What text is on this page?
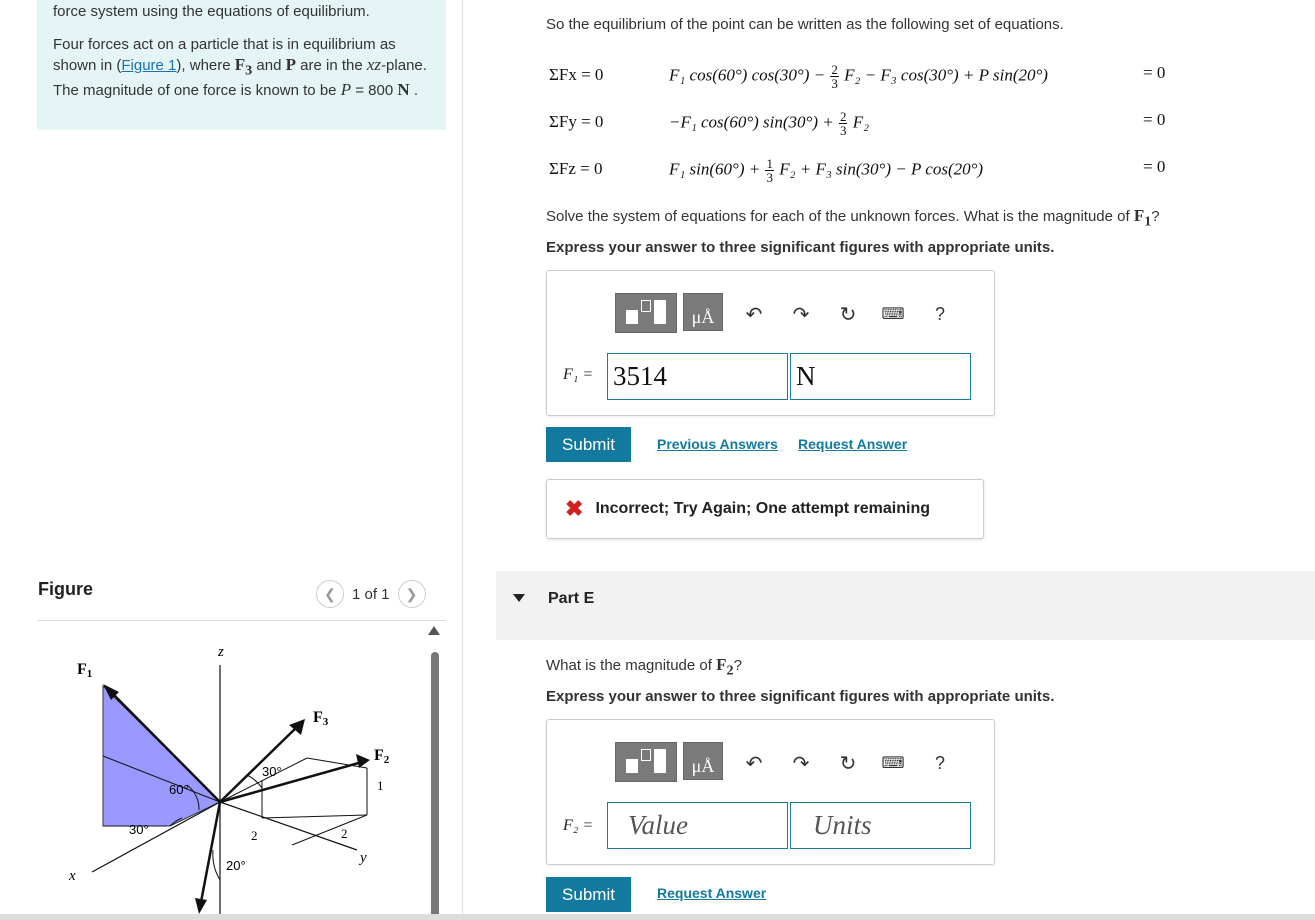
force system using the equations of equilibrium.
Four forces act on a particle that is in equilibrium as shown in (Figure 1), where $F_3$ and P are in the xz-plane. The magnitude of one force is known to be P = 800 N .
Figure	❮	1 of 1	❯
F1
F3
F2
z
x
y
60°
30°
30°
20°
2	2
1
So the equilibrium of the point can be written as the following set of equations.
ΣFx = 0	F₁ cos(60°) $\cos(30^\circ) - \frac{2}{3} F_2 - F_3$ cos(30°) + P sin(20°)	= 0
ΣFy = 0	−F₁ cos(60°) $\sin(30^\circ) + \frac{2}{3} F_2$	= 0
ΣFz = 0	F₁ $\sin(60^\circ) + \frac{1}{3} F_2 + F_3$ sin(30°) − P cos(20°)	= 0
Solve the system of equations for each of the unknown forces. What is the magnitude of $F_1$?
Express your answer to three significant figures with appropriate units.
μÅ	↶ ↷ ↻ ⌨	?
F₁ = 3514	N
Submit	Previous Answers Request Answer
✖ Incorrect; Try Again; One attempt remaining
Part E
What is the magnitude of $F_2$?
Express your answer to three significant figures with appropriate units.
μÅ	↶ ↷ ↻ ⌨	?
F₂ =	Value	Units
Submit	Request Answer
